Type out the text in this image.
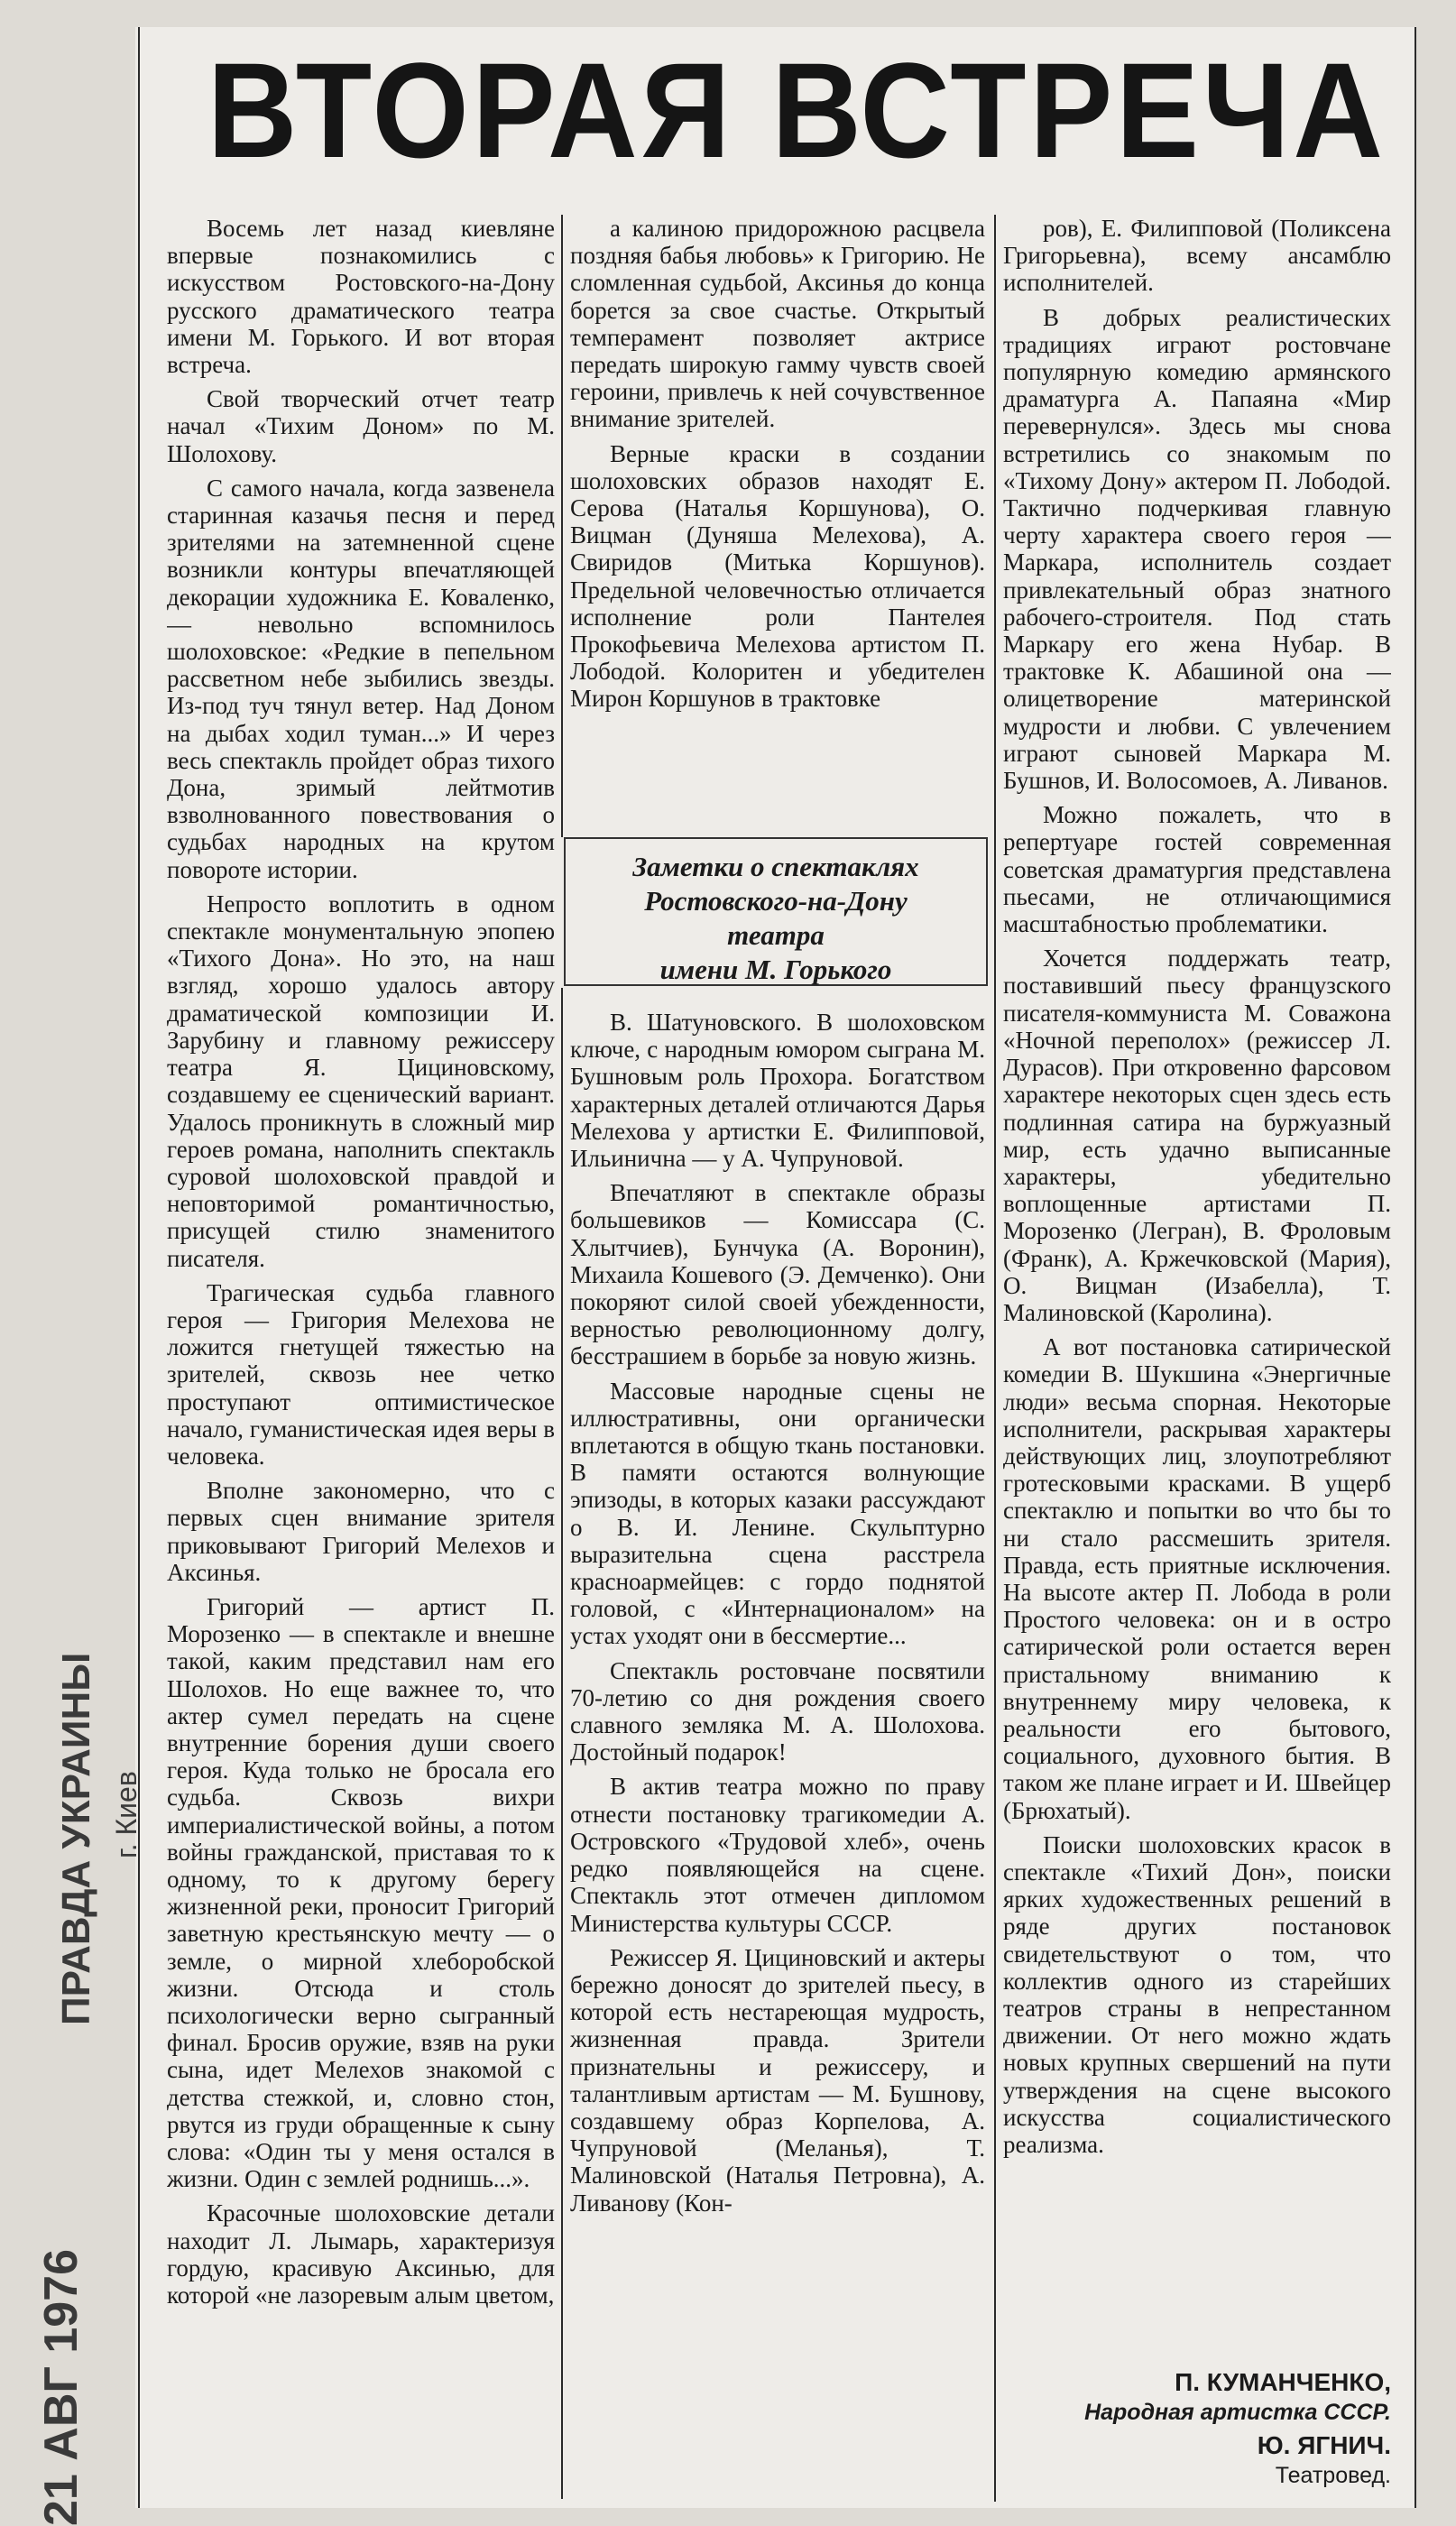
ВТОРАЯ ВСТРЕЧА

Восемь лет назад киевляне впервые познакомились с искусством Ростовского-на-Дону русского драматического театра имени М. Горького. И вот вторая встреча.

Свой творческий отчет театр начал «Тихим Доном» по М. Шолохову.

С самого начала, когда зазвенела старинная казачья песня и перед зрителями на затемненной сцене возникли контуры впечатляющей декорации художника Е. Коваленко, — невольно вспомнилось шолоховское: «Редкие в пепельном рассветном небе зыбились звезды. Из-под туч тянул ветер. Над Доном на дыбах ходил туман...» И через весь спектакль пройдет образ тихого Дона, зримый лейтмотив взволнованного повествования о судьбах народных на крутом повороте истории.

Непросто воплотить в одном спектакле монументальную эпопею «Тихого Дона». Но это, на наш взгляд, хорошо удалось автору драматической композиции И. Зарубину и главному режиссеру театра Я. Цициновскому, создавшему ее сценический вариант. Удалось проникнуть в сложный мир героев романа, наполнить спектакль суровой шолоховской правдой и неповторимой романтичностью, присущей стилю знаменитого писателя.

Трагическая судьба главного героя — Григория Мелехова не ложится гнетущей тяжестью на зрителей, сквозь нее четко проступают оптимистическое начало, гуманистическая идея веры в человека.

Вполне закономерно, что с первых сцен внимание зрителя приковывают Григорий Мелехов и Аксинья.

Григорий — артист П. Морозенко — в спектакле и внешне такой, каким представил нам его Шолохов. Но еще важнее то, что актер сумел передать на сцене внутренние борения души своего героя. Куда только не бросала его судьба. Сквозь вихри империалистической войны, а потом войны гражданской, приставая то к одному, то к другому берегу жизненной реки, проносит Григорий заветную крестьянскую мечту — о земле, о мирной хлеборобской жизни. Отсюда и столь психологически верно сыгранный финал. Бросив оружие, взяв на руки сына, идет Мелехов знакомой с детства стежкой, и, словно стон, рвутся из груди обращенные к сыну слова: «Один ты у меня остался в жизни. Один с землей роднишь...».

Красочные шолоховские детали находит Л. Лымарь, характеризуя гордую, красивую Аксинью, для которой «не лазоревым алым цветом,

а калиною придорожною расцвела поздняя бабья любовь» к Григорию. Не сломленная судьбой, Аксинья до конца борется за свое счастье. Открытый темперамент позволяет актрисе передать широкую гамму чувств своей героини, привлечь к ней сочувственное внимание зрителей.

Верные краски в создании шолоховских образов находят Е. Серова (Наталья Коршунова), О. Вицман (Дуняша Мелехова), А. Свиридов (Митька Коршунов). Предельной человечностью отличается исполнение роли Пантелея Прокофьевича Мелехова артистом П. Лободой. Колоритен и убедителен Мирон Коршунов в трактовке

Заметки о спектаклях
Ростовского-на-Дону
театра
имени М. Горького

В. Шатуновского. В шолоховском ключе, с народным юмором сыграна М. Бушновым роль Прохора. Богатством характерных деталей отличаются Дарья Мелехова у артистки Е. Филипповой, Ильинична — у А. Чупруновой.

Впечатляют в спектакле образы большевиков — Комиссара (С. Хлытчиев), Бунчука (А. Воронин), Михаила Кошевого (Э. Демченко). Они покоряют силой своей убежденности, верностью революционному долгу, бесстрашием в борьбе за новую жизнь.

Массовые народные сцены не иллюстративны, они органически вплетаются в общую ткань постановки. В памяти остаются волнующие эпизоды, в которых казаки рассуждают о В. И. Ленине. Скульптурно выразительна сцена расстрела красноармейцев: с гордо поднятой головой, с «Интернационалом» на устах уходят они в бессмертие...

Спектакль ростовчане посвятили 70-летию со дня рождения своего славного земляка М. А. Шолохова. Достойный подарок!

В актив театра можно по праву отнести постановку трагикомедии А. Островского «Трудовой хлеб», очень редко появляющейся на сцене. Спектакль этот отмечен дипломом Министерства культуры СССР.

Режиссер Я. Цициновский и актеры бережно доносят до зрителей пьесу, в которой есть нестареющая мудрость, жизненная правда. Зрители признательны и режиссеру, и талантливым артистам — М. Бушнову, создавшему образ Корпелова, А. Чупруновой (Меланья), Т. Малиновской (Наталья Петровна), А. Ливанову (Кон-

ров), Е. Филипповой (Поликсена Григорьевна), всему ансамблю исполнителей.

В добрых реалистических традициях играют ростовчане популярную комедию армянского драматурга А. Папаяна «Мир перевернулся». Здесь мы снова встретились со знакомым по «Тихому Дону» актером П. Лободой. Тактично подчеркивая главную черту характера своего героя — Маркара, исполнитель создает привлекательный образ знатного рабочего-строителя. Под стать Маркару его жена Нубар. В трактовке К. Абашиной она — олицетворение материнской мудрости и любви. С увлечением играют сыновей Маркара М. Бушнов, И. Волосомоев, А. Ливанов.

Можно пожалеть, что в репертуаре гостей современная советская драматургия представлена пьесами, не отличающимися масштабностью проблематики.

Хочется поддержать театр, поставивший пьесу французского писателя-коммуниста М. Соважона «Ночной переполох» (режиссер Л. Дурасов). При откровенно фарсовом характере некоторых сцен здесь есть подлинная сатира на буржуазный мир, есть удачно выписанные характеры, убедительно воплощенные артистами П. Морозенко (Легран), В. Фроловым (Франк), А. Кржечковской (Мария), О. Вицман (Изабелла), Т. Малиновской (Каролина).

А вот постановка сатирической комедии В. Шукшина «Энергичные люди» весьма спорная. Некоторые исполнители, раскрывая характеры действующих лиц, злоупотребляют гротесковыми красками. В ущерб спектаклю и попытки во что бы то ни стало рассмешить зрителя. Правда, есть приятные исключения. На высоте актер П. Лобода в роли Простого человека: он и в остро сатирической роли остается верен пристальному вниманию к внутреннему миру человека, к реальности его бытового, социального, духовного бытия. В таком же плане играет и И. Швейцер (Брюхатый).

Поиски шолоховских красок в спектакле «Тихий Дон», поиски ярких художественных решений в ряде других постановок свидетельствуют о том, что коллектив одного из старейших театров страны в непрестанном движении. От него можно ждать новых крупных свершений на пути утверждения на сцене высокого искусства социалистического реализма.

П. КУМАНЧЕНКО,
Народная артистка СССР.
Ю. ЯГНИЧ.
Театровед.
21 АВГ 1976
ПРАВДА УКРАИНЫ г. Киев
